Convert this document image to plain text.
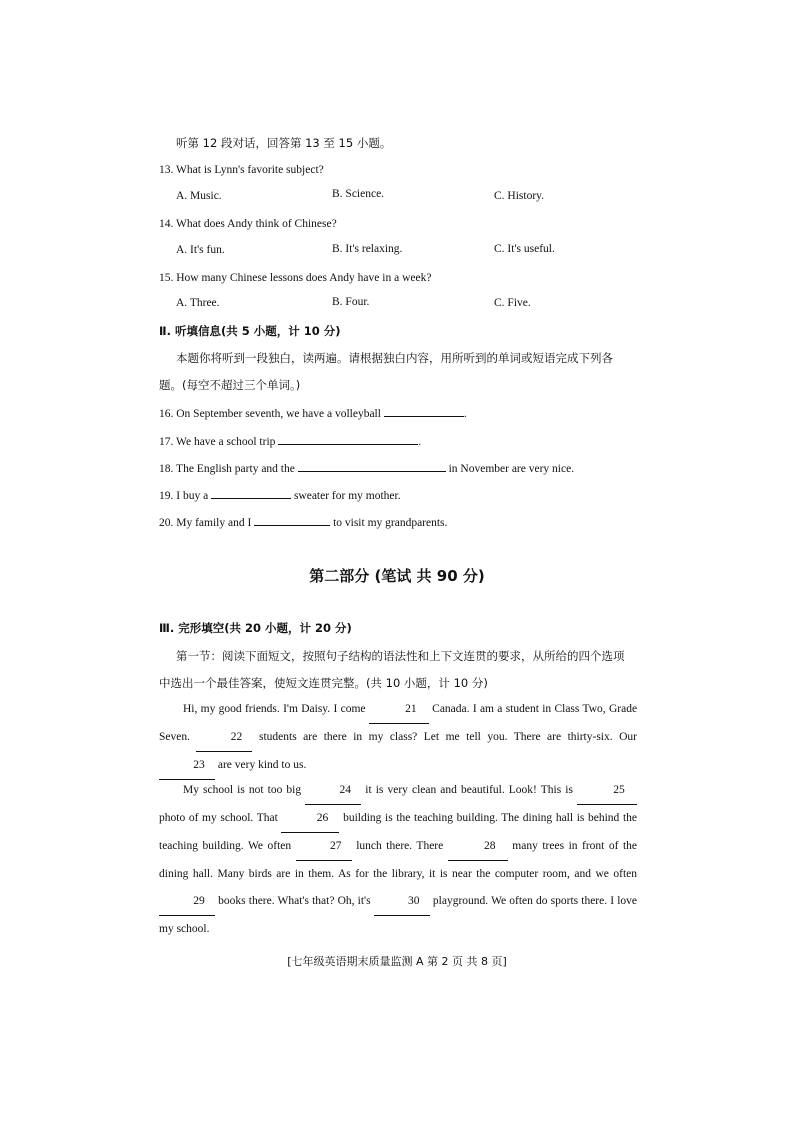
听第 12 段对话，回答第 13 至 15 小题。
13. What is Lynn's favorite subject?
A. Music.	B. Science.	C. History.
14. What does Andy think of Chinese?
A. It's fun.	B. It's relaxing.	C. It's useful.
15. How many Chinese lessons does Andy have in a week?
A. Three.	B. Four.	C. Five.
Ⅱ. 听填信息(共 5 小题，计 10 分)
本题你将听到一段独白，读两遍。请根据独白内容，用所听到的单词或短语完成下列各
题。(每空不超过三个单词。)
16. On September seventh, we have a volleyball	.
17. We have a school trip	.
18. The English party and the	in November are very nice.
19. I buy a	sweater for my mother.
20. My family and I	to visit my grandparents.
第二部分 (笔试 共 90 分)
Ⅲ. 完形填空(共 20 小题，计 20 分)
第一节：阅读下面短文，按照句子结构的语法性和上下文连贯的要求，从所给的四个选项
中选出一个最佳答案，使短文连贯完整。(共 10 小题，计 10 分)
Hi, my good friends. I'm Daisy. I come	21 Canada. I am a student in Class Two, Grade Seven.	22 students are there in my class? Let me tell you. There are thirty-six. Our 23 are very kind to us.
My school is not too big	24 it is very clean and beautiful. Look! This is	25 photo of my school. That	26 building is the teaching building. The dining hall is behind the teaching building. We often	27 lunch there. There	28 many trees in front of the dining hall. Many birds are in them. As for the library, it is near the computer room, and we often 29 books there. What's that? Oh, it's	30 playground. We often do sports there. I love my school.
[七年级英语期末质量监测 A 第 2 页 共 8 页]
